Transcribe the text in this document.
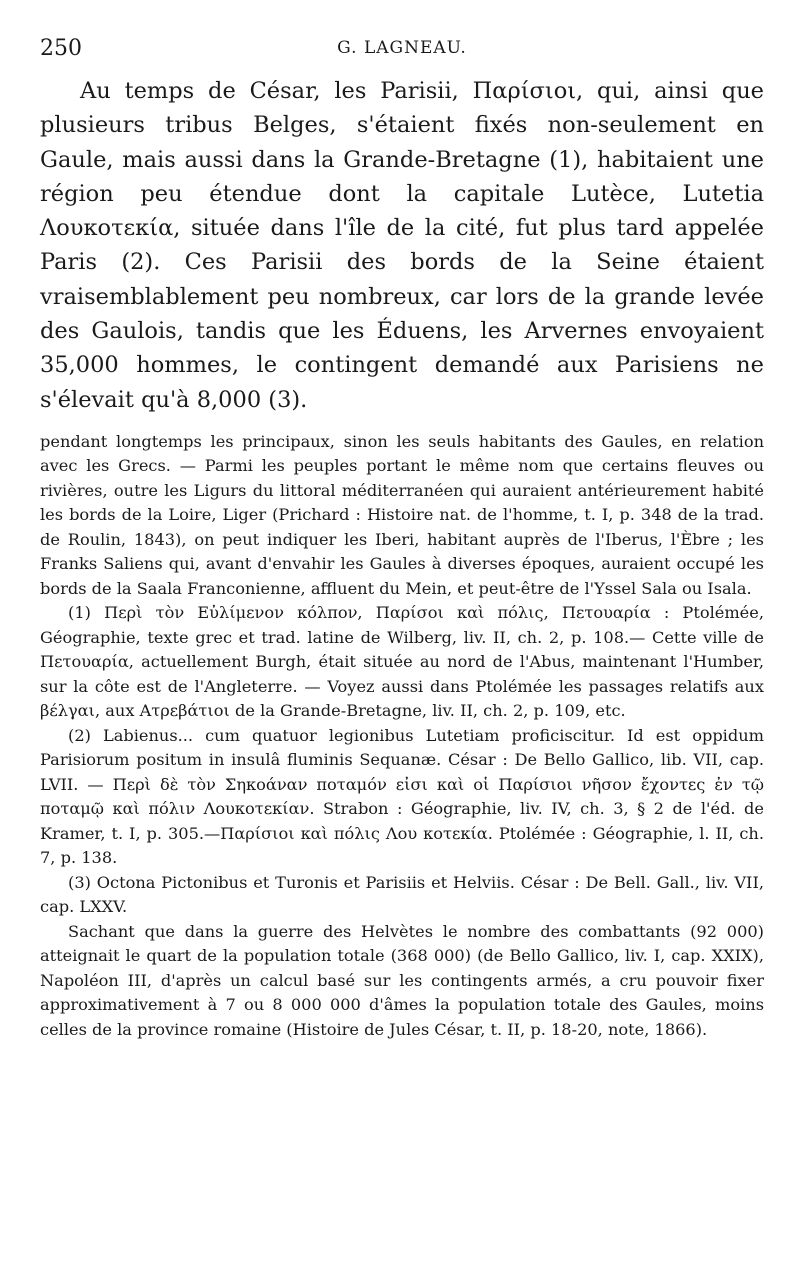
250	G. LAGNEAU.

Au temps de César, les Parisii, Παρίσιοι, qui, ainsi que plusieurs tribus Belges, s'étaient fixés non-seulement en Gaule, mais aussi dans la Grande-Bretagne (1), habitaient une région peu étendue dont la capitale Lutèce, Lutetia Λουκοτεκία, située dans l'île de la cité, fut plus tard appelée Paris (2). Ces Parisii des bords de la Seine étaient vraisemblablement peu nombreux, car lors de la grande levée des Gaulois, tandis que les Éduens, les Arvernes envoyaient 35,000 hommes, le contingent demandé aux Parisiens ne s'élevait qu'à 8,000 (3).

pendant longtemps les principaux, sinon les seuls habitants des Gaules, en relation avec les Grecs. — Parmi les peuples portant le même nom que certains fleuves ou rivières, outre les Ligurs du littoral méditerranéen qui auraient antérieurement habité les bords de la Loire, Liger (Prichard : Histoire nat. de l'homme, t. I, p. 348 de la trad. de Roulin, 1843), on peut indiquer les Iberi, habitant auprès de l'Iberus, l'Èbre ; les Franks Saliens qui, avant d'envahir les Gaules à diverses époques, auraient occupé les bords de la Saala Franconienne, affluent du Mein, et peut-être de l'Yssel Sala ou Isala.

(1) Περὶ τὸν Εὐλίμενον κόλπον, Παρίσοι καὶ πόλις, Πετουαρία : Ptolémée, Géographie, texte grec et trad. latine de Wilberg, liv. II, ch. 2, p. 108.— Cette ville de Πετουαρία, actuellement Burgh, était située au nord de l'Abus, maintenant l'Humber, sur la côte est de l'Angleterre. — Voyez aussi dans Ptolémée les passages relatifs aux βέλγαι, aux Ατρεβάτιοι de la Grande-Bretagne, liv. II, ch. 2, p. 109, etc.

(2) Labienus... cum quatuor legionibus Lutetiam proficiscitur. Id est oppidum Parisiorum positum in insulâ fluminis Sequanæ. César : De Bello Gallico, lib. VII, cap. LVII. — Περὶ δὲ τὸν Σηκοάναν ποταμόν εἰσι καὶ οἱ Παρίσιοι νῆσον ἔχοντες ἐν τῷ ποταμῷ καὶ πόλιν Λουκοτεκίαν. Strabon : Géographie, liv. IV, ch. 3, § 2 de l'éd. de Kramer, t. I, p. 305.—Παρίσιοι καὶ πόλις Λου κοτεκία. Ptolémée : Géographie, l. II, ch. 7, p. 138.

(3) Octona Pictonibus et Turonis et Parisiis et Helviis. César : De Bell. Gall., liv. VII, cap. LXXV.

Sachant que dans la guerre des Helvètes le nombre des combattants (92 000) atteignait le quart de la population totale (368 000) (de Bello Gallico, liv. I, cap. XXIX), Napoléon III, d'après un calcul basé sur les contingents armés, a cru pouvoir fixer approximativement à 7 ou 8 000 000 d'âmes la population totale des Gaules, moins celles de la province romaine (Histoire de Jules César, t. II, p. 18-20, note, 1866).
